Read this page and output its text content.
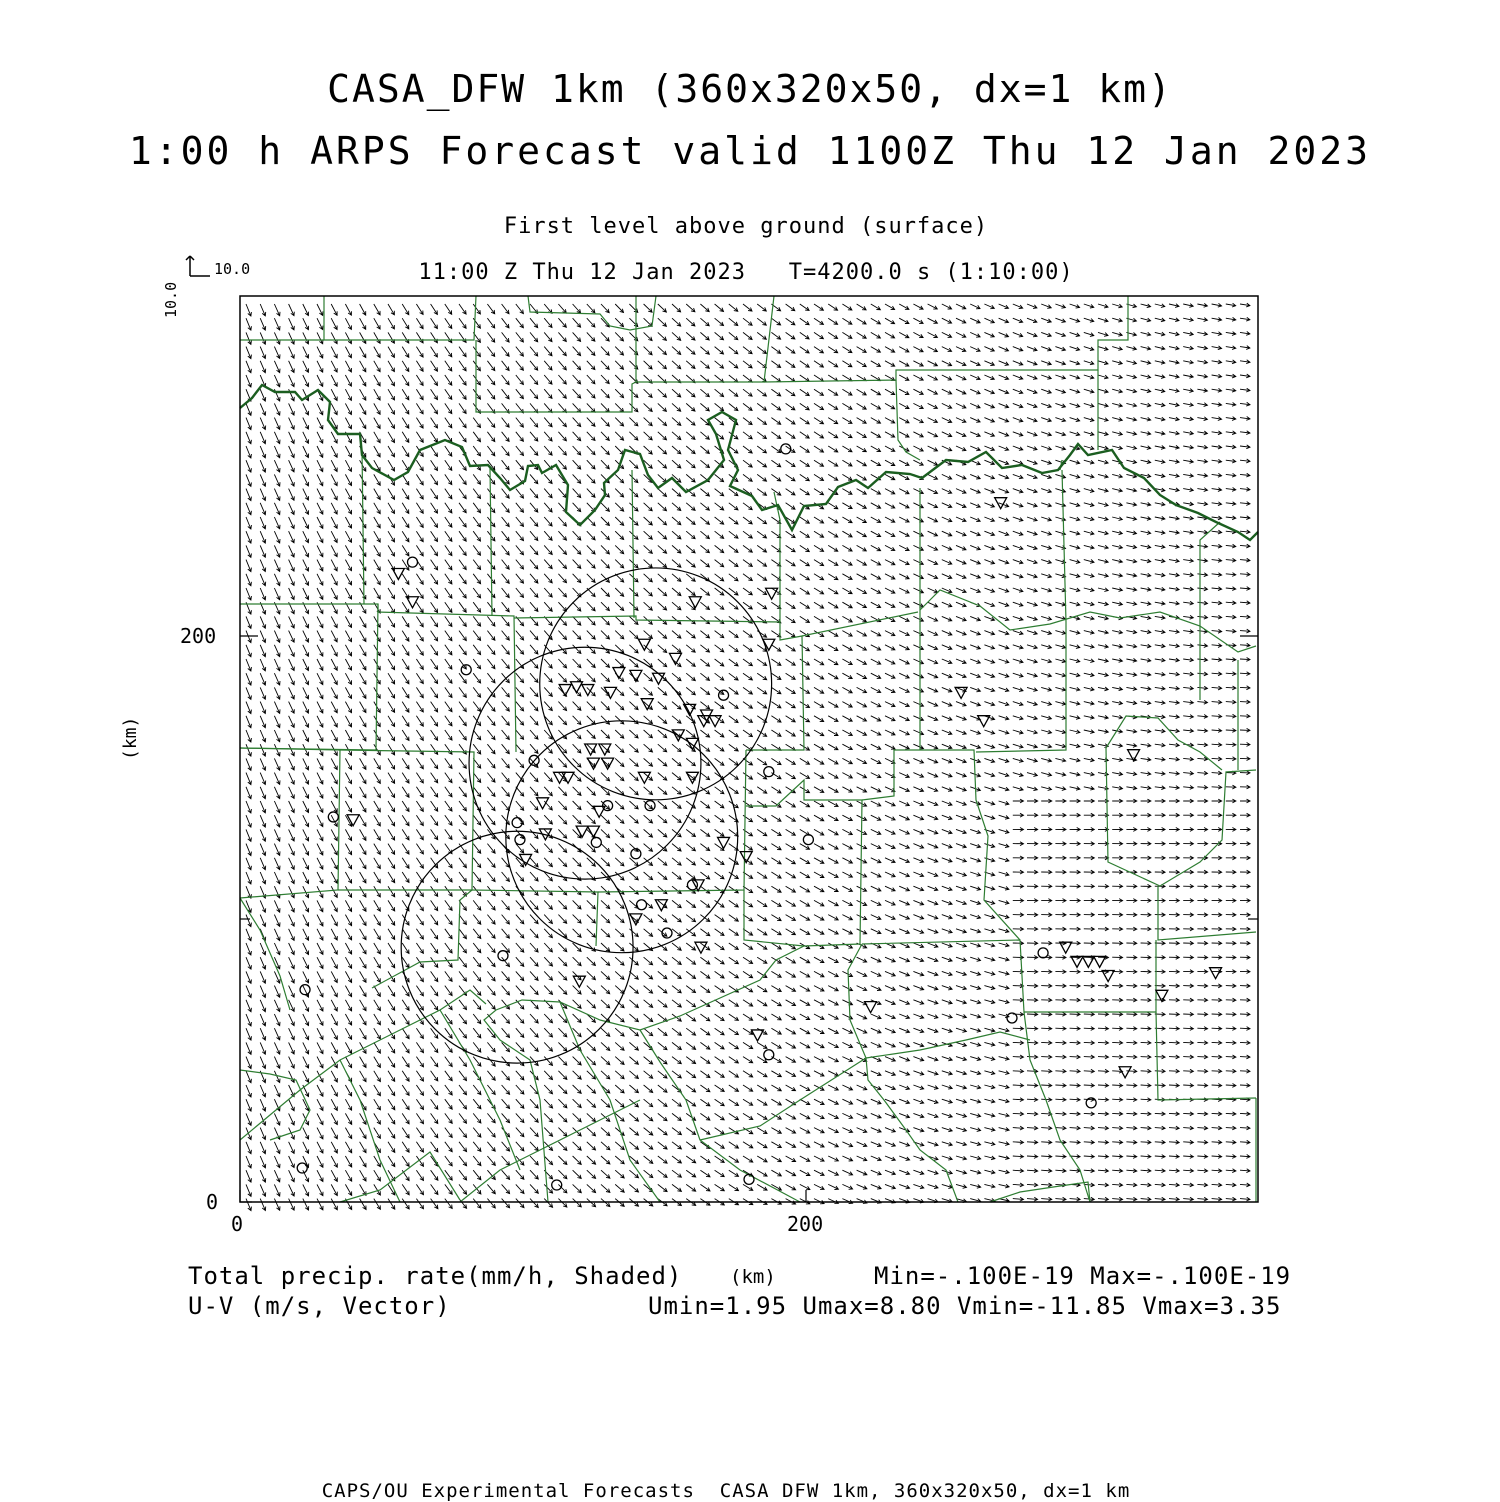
CASA_DFW 1km (360x320x50, dx=1 km)
1:00 h ARPS Forecast valid 1100Z Thu 12 Jan 2023
First level above ground (surface)
11:00 Z Thu 12 Jan 2023   T=4200.0 s (1:10:00)
10.0
10.0
(km)
200
0
0	200
(km)
Total precip. rate(mm/h, Shaded)
U-V (m/s, Vector)
Min=-.100E-19 Max=-.100E-19
Umin=1.95 Umax=8.80 Vmin=-11.85 Vmax=3.35
CAPS/OU Experimental Forecasts  CASA DFW 1km, 360x320x50, dx=1 km
